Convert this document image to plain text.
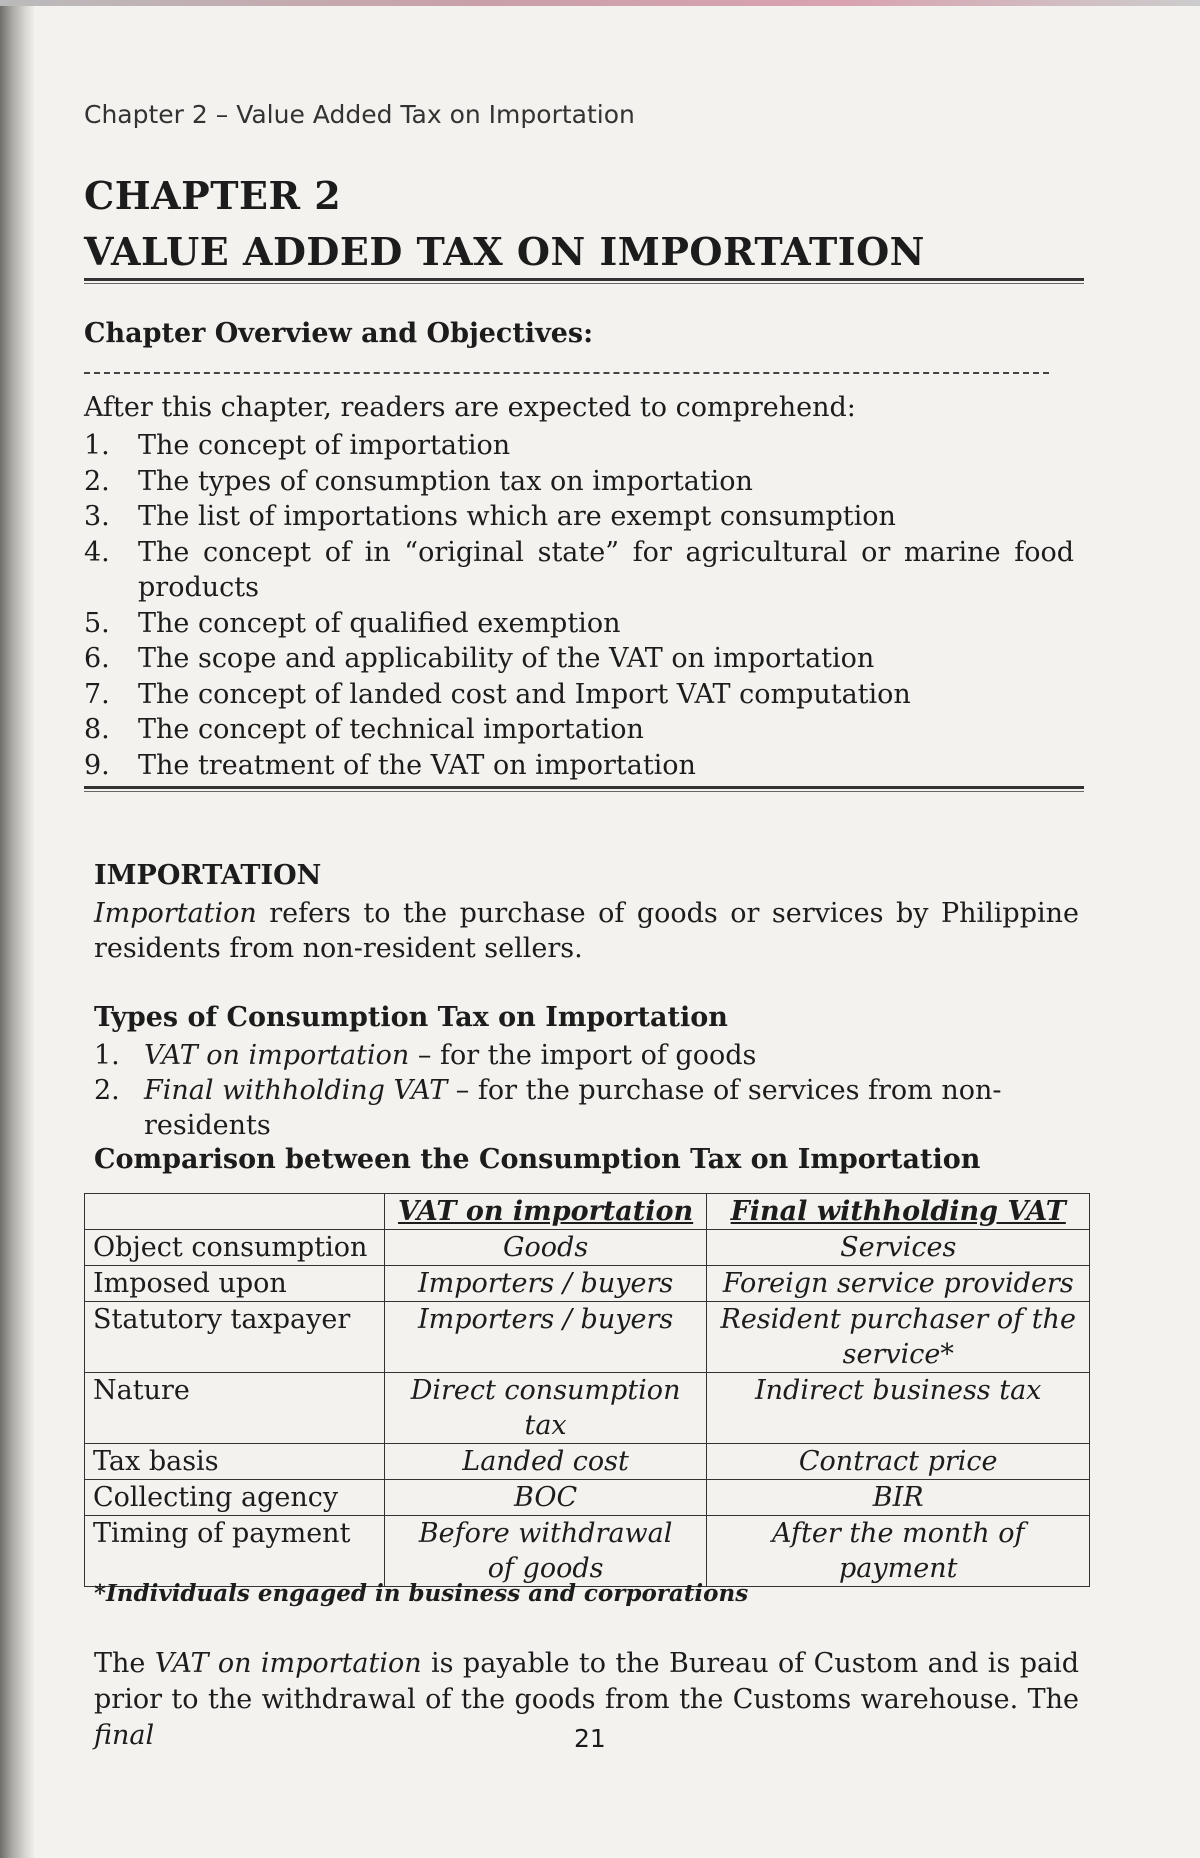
Chapter 2 – Value Added Tax on Importation
CHAPTER 2
VALUE ADDED TAX ON IMPORTATION
Chapter Overview and Objectives:
After this chapter, readers are expected to comprehend:
1.	The concept of importation
2.	The types of consumption tax on importation
3.	The list of importations which are exempt consumption
4.	The concept of in “original state” for agricultural or marine food products
5.	The concept of qualified exemption
6.	The scope and applicability of the VAT on importation
7.	The concept of landed cost and Import VAT computation
8.	The concept of technical importation
9.	The treatment of the VAT on importation
IMPORTATION
Importation refers to the purchase of goods or services by Philippine residents from non-resident sellers.
Types of Consumption Tax on Importation
1. VAT on importation – for the import of goods
2. Final withholding VAT – for the purchase of services from non-residents
Comparison between the Consumption Tax on Importation
	VAT on importation	Final withholding VAT
Object consumption	Goods	Services
Imposed upon	Importers / buyers	Foreign service providers
Statutory taxpayer	Importers / buyers	Resident purchaser of the service*
Nature	Direct consumption tax	Indirect business tax
Tax basis	Landed cost	Contract price
Collecting agency	BOC	BIR
Timing of payment	Before withdrawal of goods	After the month of payment
*Individuals engaged in business and corporations
The VAT on importation is payable to the Bureau of Custom and is paid prior to the withdrawal of the goods from the Customs warehouse. The final	21
